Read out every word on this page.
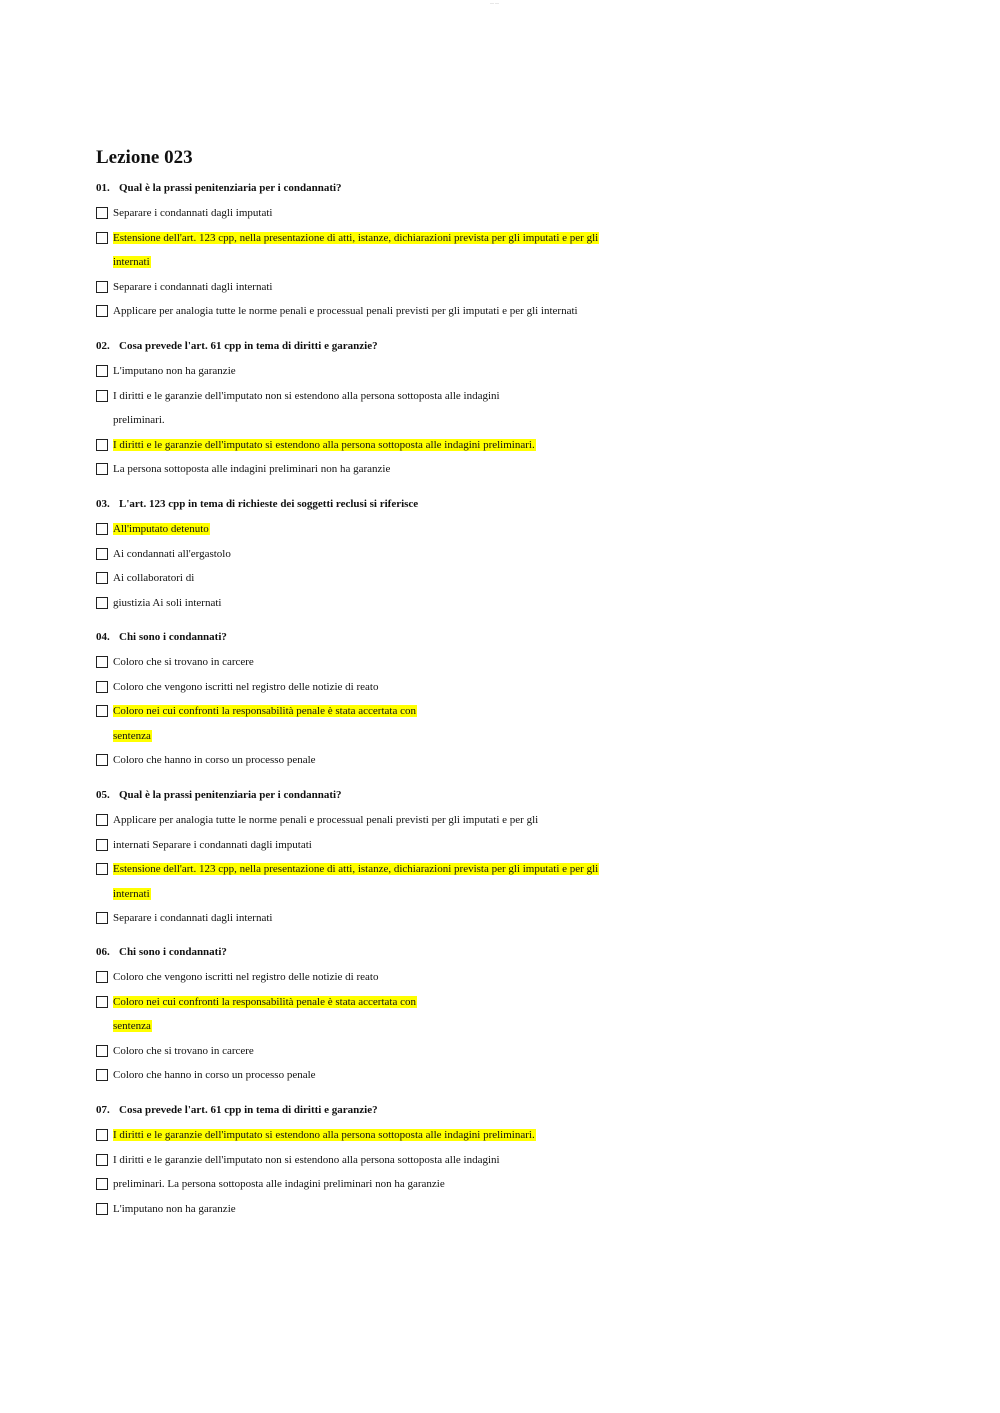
— —
Lezione 023
01. Qual è la prassi penitenziaria per i condannati?
Separare i condannati dagli imputati
Estensione dell'art. 123 cpp, nella presentazione di atti, istanze, dichiarazioni prevista per gli imputati e per gli
internati
Separare i condannati dagli internati
Applicare per analogia tutte le norme penali e processual penali previsti per gli imputati e per gli internati
02. Cosa prevede l'art. 61 cpp in tema di diritti e garanzie?
L'imputano non ha garanzie
I diritti e le garanzie dell'imputato non si estendono alla persona sottoposta alle indagini
preliminari.
I diritti e le garanzie dell'imputato si estendono alla persona sottoposta alle indagini preliminari.
La persona sottoposta alle indagini preliminari non ha garanzie
03. L'art. 123 cpp in tema di richieste dei soggetti reclusi si riferisce
All'imputato detenuto
Ai condannati all'ergastolo
Ai collaboratori di
giustizia Ai soli internati
04. Chi sono i condannati?
Coloro che si trovano in carcere
Coloro che vengono iscritti nel registro delle notizie di reato
Coloro nei cui confronti la responsabilità penale è stata accertata con
sentenza
Coloro che hanno in corso un processo penale
05. Qual è la prassi penitenziaria per i condannati?
Applicare per analogia tutte le norme penali e processual penali previsti per gli imputati e per gli
internati Separare i condannati dagli imputati
Estensione dell'art. 123 cpp, nella presentazione di atti, istanze, dichiarazioni prevista per gli imputati e per gli
internati
Separare i condannati dagli internati
06. Chi sono i condannati?
Coloro che vengono iscritti nel registro delle notizie di reato
Coloro nei cui confronti la responsabilità penale è stata accertata con
sentenza
Coloro che si trovano in carcere
Coloro che hanno in corso un processo penale
07. Cosa prevede l'art. 61 cpp in tema di diritti e garanzie?
I diritti e le garanzie dell'imputato si estendono alla persona sottoposta alle indagini preliminari.
I diritti e le garanzie dell'imputato non si estendono alla persona sottoposta alle indagini
preliminari. La persona sottoposta alle indagini preliminari non ha garanzie
L'imputano non ha garanzie
